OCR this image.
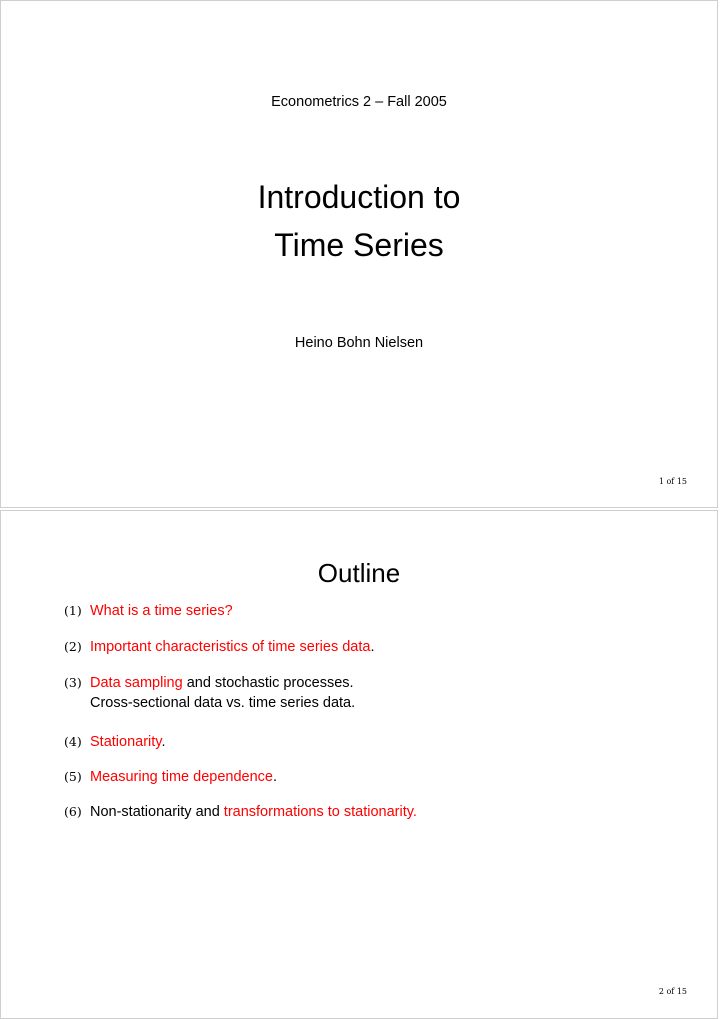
Econometrics 2 – Fall 2005
Introduction to
Time Series
Heino Bohn Nielsen
1 of 15
Outline
(1) What is a time series?
(2) Important characteristics of time series data.
(3) Data sampling and stochastic processes.
Cross-sectional data vs. time series data.
(4) Stationarity.
(5) Measuring time dependence.
(6) Non-stationarity and transformations to stationarity.
2 of 15
